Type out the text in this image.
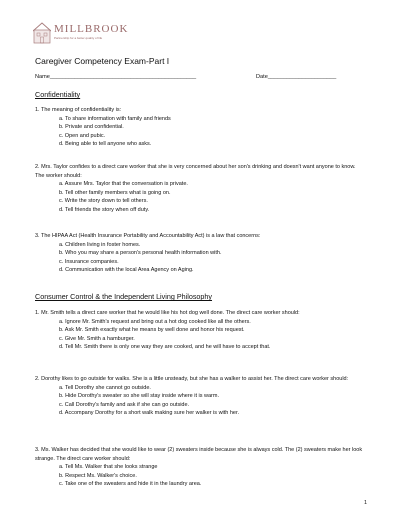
MILLBROOK
Partnership for a better quality of life
Caregiver Competency Exam-Part I
Name_______________________________________________	Date______________________
Confidentiality

1. The meaning of confidentiality is:

a. To share information with family and friends
b. Private and confidential.
c. Open and pubic.
d. Being able to tell anyone who asks.

2. Mrs. Taylor confides to a direct care worker that she is very concerned about her son's drinking and doesn't want anyone to know. The worker should:

a. Assure Mrs. Taylor that the conversation is private.
b. Tell other family members what is going on.
c. Write the story down to tell others.
d. Tell friends the story when off duty.

3. The HIPAA Act (Health Insurance Portability and Accountability Act) is a law that concerns:

a. Children living in foster homes.
b. Who you may share a person's personal health information with.
c. Insurance companies.
d. Communication with the local Area Agency on Aging.
Consumer Control & the Independent Living Philosophy

1. Mr. Smith tells a direct care worker that he would like his hot dog well done. The direct care worker should:

a. Ignore Mr. Smith's request and bring out a hot dog cooked like all the others.
b. Ask Mr. Smith exactly what he means by well done and honor his request.
c. Give Mr. Smith a hamburger.
d. Tell Mr. Smith there is only one way they are cooked, and he will have to accept that.

2. Dorothy likes to go outside for walks. She is a little unsteady, but she has a walker to assist her. The direct care worker should:

a. Tell Dorothy she cannot go outside.
b. Hide Dorothy's sweater so she will stay inside where it is warm.
c. Call Dorothy's family and ask if she can go outside.
d. Accompany Dorothy for a short walk making sure her walker is with her.

3. Ms. Walker has decided that she would like to wear (2) sweaters inside because she is always cold. The (2) sweaters make her look strange. The direct care worker should:

a. Tell Ms. Walker that she looks strange
b. Respect Ms. Walker's choice.
c. Take one of the sweaters and hide it in the laundry area.
1
